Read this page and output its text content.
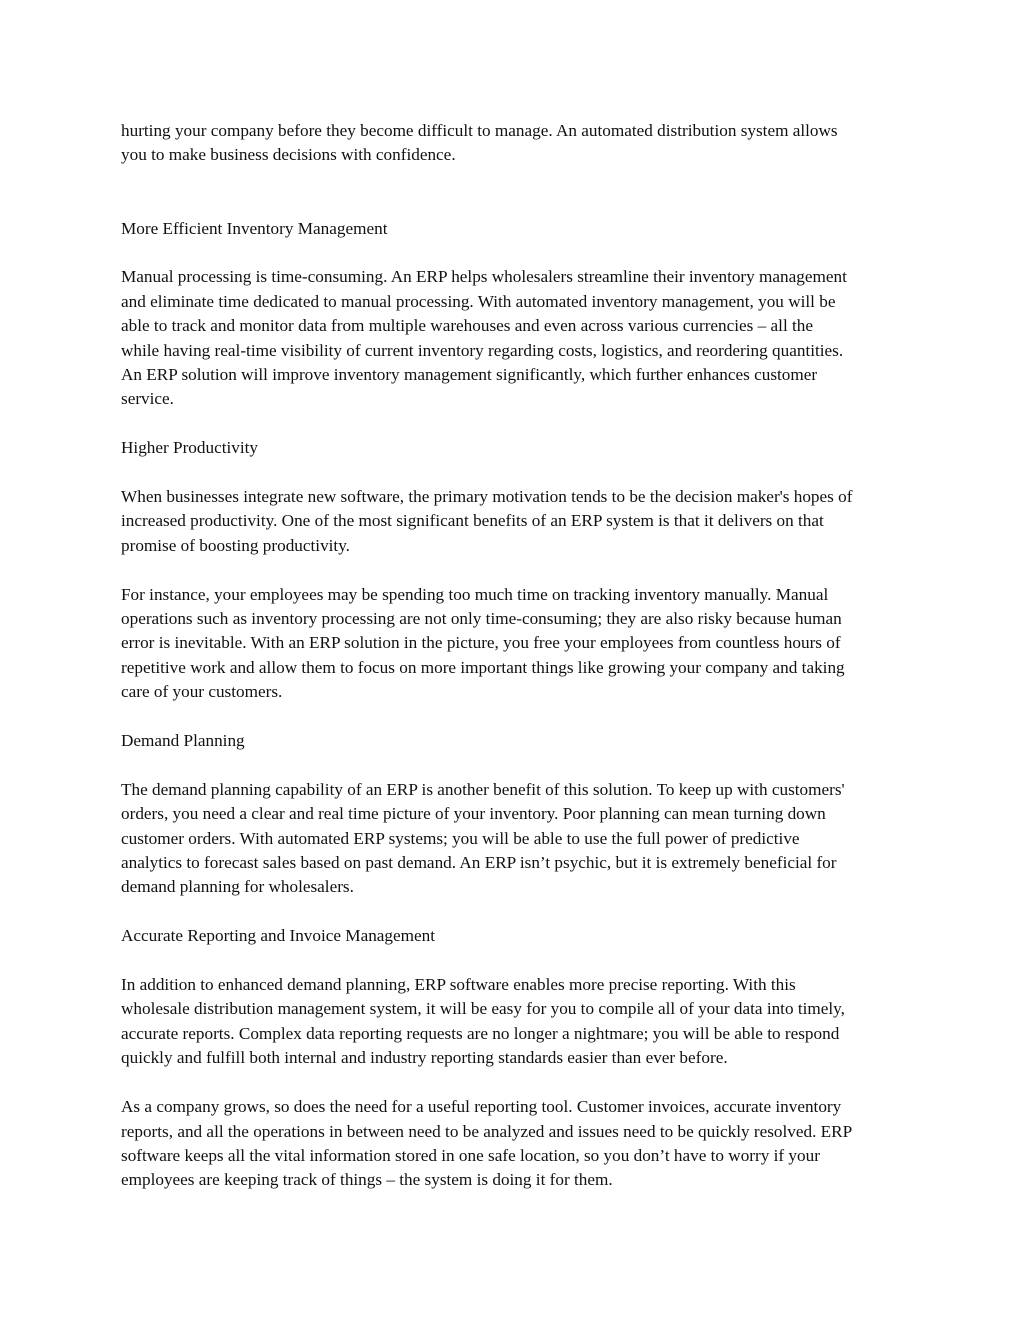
hurting your company before they become difficult to manage. An automated distribution system allows
you to make business decisions with confidence.

More Efficient Inventory Management

Manual processing is time-consuming. An ERP helps wholesalers streamline their inventory management
and eliminate time dedicated to manual processing. With automated inventory management, you will be
able to track and monitor data from multiple warehouses and even across various currencies – all the
while having real-time visibility of current inventory regarding costs, logistics, and reordering quantities.
An ERP solution will improve inventory management significantly, which further enhances customer
service.

Higher Productivity

When businesses integrate new software, the primary motivation tends to be the decision maker's hopes of
increased productivity. One of the most significant benefits of an ERP system is that it delivers on that
promise of boosting productivity.

For instance, your employees may be spending too much time on tracking inventory manually. Manual
operations such as inventory processing are not only time-consuming; they are also risky because human
error is inevitable. With an ERP solution in the picture, you free your employees from countless hours of
repetitive work and allow them to focus on more important things like growing your company and taking
care of your customers.

Demand Planning

The demand planning capability of an ERP is another benefit of this solution. To keep up with customers'
orders, you need a clear and real time picture of your inventory. Poor planning can mean turning down
customer orders. With automated ERP systems; you will be able to use the full power of predictive
analytics to forecast sales based on past demand. An ERP isn’t psychic, but it is extremely beneficial for
demand planning for wholesalers.

Accurate Reporting and Invoice Management

In addition to enhanced demand planning, ERP software enables more precise reporting. With this
wholesale distribution management system, it will be easy for you to compile all of your data into timely,
accurate reports. Complex data reporting requests are no longer a nightmare; you will be able to respond
quickly and fulfill both internal and industry reporting standards easier than ever before.

As a company grows, so does the need for a useful reporting tool. Customer invoices, accurate inventory
reports, and all the operations in between need to be analyzed and issues need to be quickly resolved. ERP
software keeps all the vital information stored in one safe location, so you don’t have to worry if your
employees are keeping track of things – the system is doing it for them.
